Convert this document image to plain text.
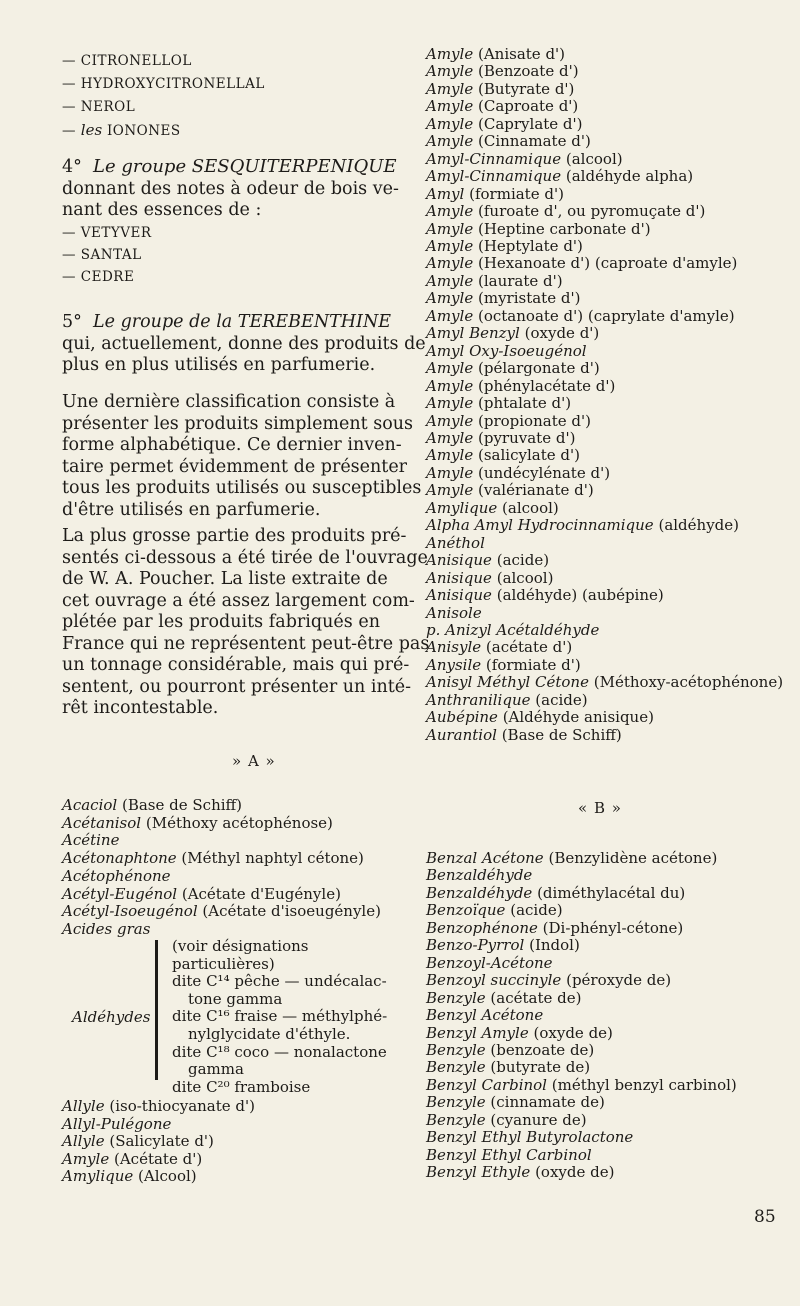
— CITRONELLOL
— HYDROXYCITRONELLAL
— NEROL
— les IONONES
4° Le groupe SESQUITERPENIQUE
donnant des notes à odeur de bois ve-
nant des essences de :
— VETYVER
— SANTAL
— CEDRE
5° Le groupe de la TEREBENTHINE
qui, actuellement, donne des produits de
plus en plus utilisés en parfumerie.
Une dernière classification consiste à
présenter les produits simplement sous
forme alphabétique. Ce dernier inven-
taire permet évidemment de présenter
tous les produits utilisés ou susceptibles
d'être utilisés en parfumerie.
La plus grosse partie des produits pré-
sentés ci-dessous a été tirée de l'ouvrage
de W. A. Poucher. La liste extraite de
cet ouvrage a été assez largement com-
plétée par les produits fabriqués en
France qui ne représentent peut-être pas
un tonnage considérable, mais qui pré-
sentent, ou pourront présenter un inté-
rêt incontestable.
» A »
Acaciol (Base de Schiff)
Acétanisol (Méthoxy acétophénose)
Acétine
Acétonaphtone (Méthyl naphtyl cétone)
Acétophénone
Acétyl-Eugénol (Acétate d'Eugényle)
Acétyl-Isoeugénol (Acétate d'isoeugényle)
Acides gras
Aldéhydes
(voir désignations particulières)
dite C¹⁴ pêche — undécalac-
tone gamma
dite C¹⁶ fraise — méthylphé-
nylglycidate d'éthyle.
dite C¹⁸ coco — nonalactone
gamma
dite C²⁰ framboise
Allyle (iso-thiocyanate d')
Allyl-Pulégone
Allyle (Salicylate d')
Amyle (Acétate d')
Amylique (Alcool)
Amyle (Anisate d')
Amyle (Benzoate d')
Amyle (Butyrate d')
Amyle (Caproate d')
Amyle (Caprylate d')
Amyle (Cinnamate d')
Amyl-Cinnamique (alcool)
Amyl-Cinnamique (aldéhyde alpha)
Amyl (formiate d')
Amyle (furoate d', ou pyromuçate d')
Amyle (Heptine carbonate d')
Amyle (Heptylate d')
Amyle (Hexanoate d') (caproate d'amyle)
Amyle (laurate d')
Amyle (myristate d')
Amyle (octanoate d') (caprylate d'amyle)
Amyl Benzyl (oxyde d')
Amyl Oxy-Isoeugénol
Amyle (pélargonate d')
Amyle (phénylacétate d')
Amyle (phtalate d')
Amyle (propionate d')
Amyle (pyruvate d')
Amyle (salicylate d')
Amyle (undécylénate d')
Amyle (valérianate d')
Amylique (alcool)
Alpha Amyl Hydrocinnamique (aldéhyde)
Anéthol
Anisique (acide)
Anisique (alcool)
Anisique (aldéhyde) (aubépine)
Anisole
p. Anizyl Acétaldéhyde
Anisyle (acétate d')
Anysile (formiate d')
Anisyl Méthyl Cétone (Méthoxy-acétophénone)
Anthranilique (acide)
Aubépine (Aldéhyde anisique)
Aurantiol (Base de Schiff)
« B »
Benzal Acétone (Benzylidène acétone)
Benzaldéhyde
Benzaldéhyde (diméthylacétal du)
Benzoïque (acide)
Benzophénone (Di-phényl-cétone)
Benzo-Pyrrol (Indol)
Benzoyl-Acétone
Benzoyl succinyle (péroxyde de)
Benzyle (acétate de)
Benzyl Acétone
Benzyl Amyle (oxyde de)
Benzyle (benzoate de)
Benzyle (butyrate de)
Benzyl Carbinol (méthyl benzyl carbinol)
Benzyle (cinnamate de)
Benzyle (cyanure de)
Benzyl Ethyl Butyrolactone
Benzyl Ethyl Carbinol
Benzyl Ethyle (oxyde de)
85
